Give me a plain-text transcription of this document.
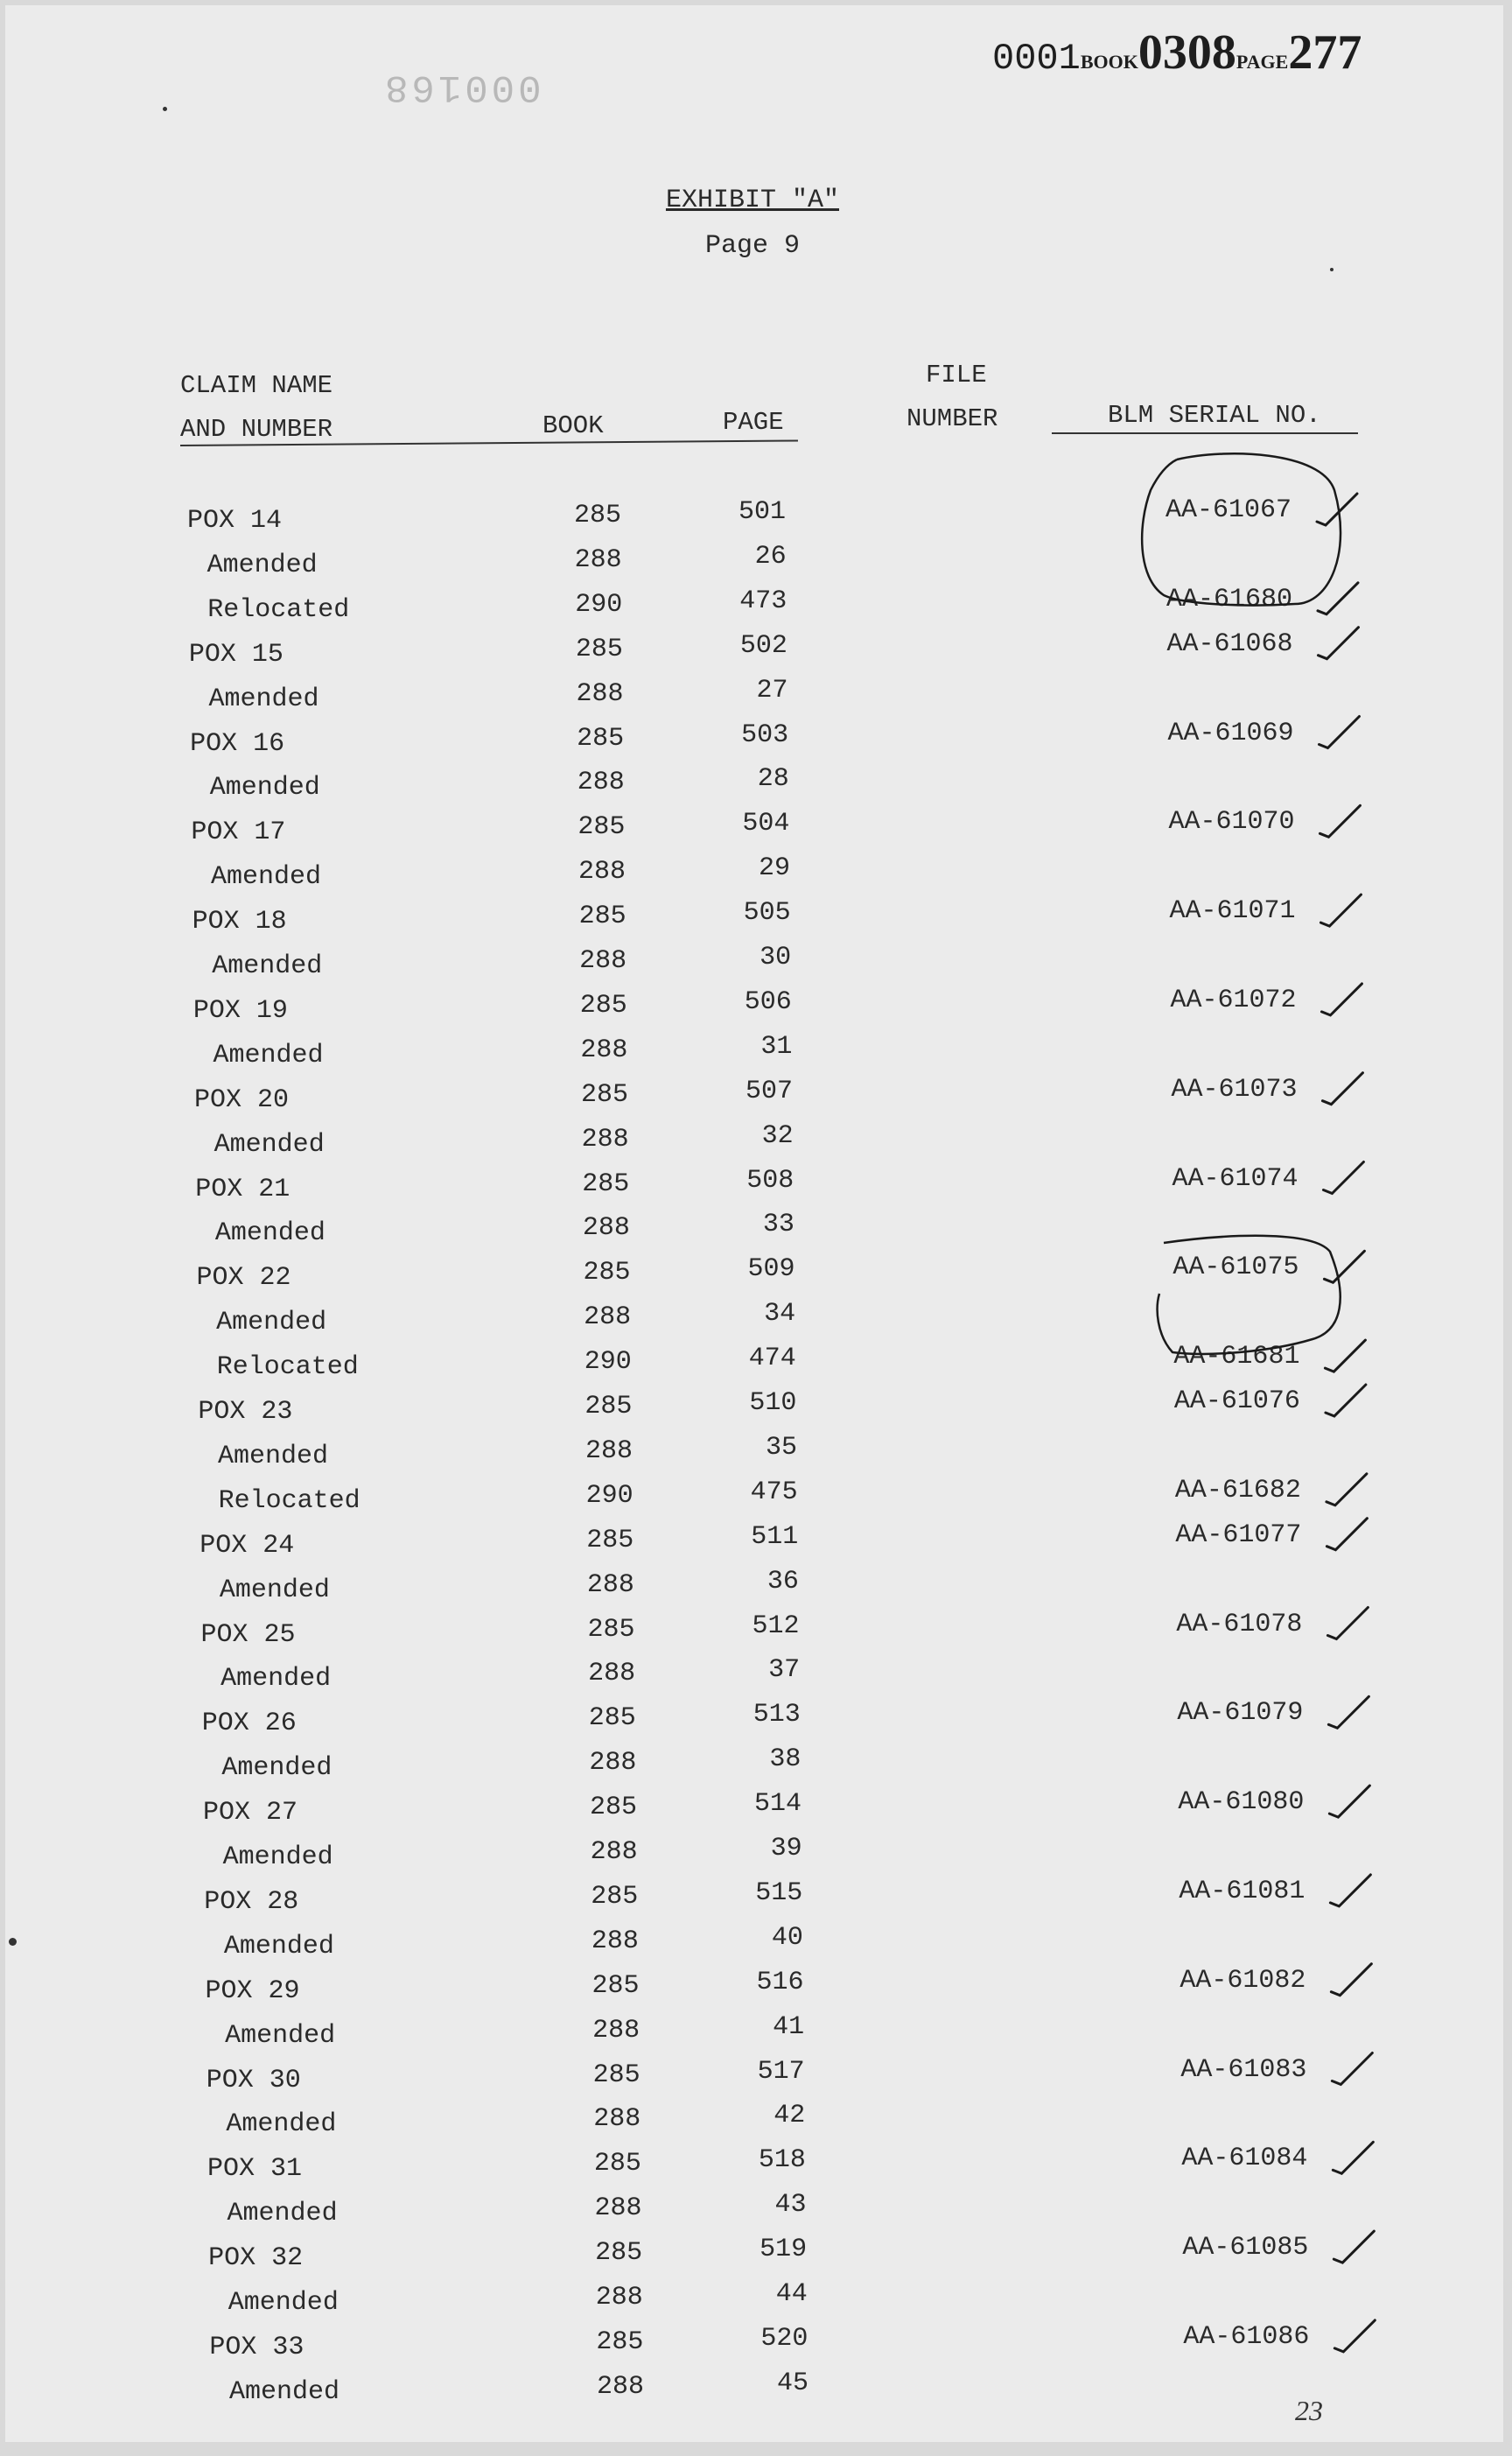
000168
0001BOOK0308PAGE277
EXHIBIT "A"
Page 9
CLAIM NAME
AND NUMBER	BOOK	PAGE
FILE
NUMBER	BLM SERIAL NO.
POX 14	285	501	AA-61067
Amended	288	26
Relocated	290	473	AA-61680
POX 15	285	502	AA-61068
Amended	288	27
POX 16	285	503	AA-61069
Amended	288	28
POX 17	285	504	AA-61070
Amended	288	29
POX 18	285	505	AA-61071
Amended	288	30
POX 19	285	506	AA-61072
Amended	288	31
POX 20	285	507	AA-61073
Amended	288	32
POX 21	285	508	AA-61074
Amended	288	33
POX 22	285	509	AA-61075
Amended	288	34
Relocated	290	474	AA-61681
POX 23	285	510	AA-61076
Amended	288	35
Relocated	290	475	AA-61682
POX 24	285	511	AA-61077
Amended	288	36
POX 25	285	512	AA-61078
Amended	288	37
POX 26	285	513	AA-61079
Amended	288	38
POX 27	285	514	AA-61080
Amended	288	39
POX 28	285	515	AA-61081
Amended	288	40
POX 29	285	516	AA-61082
Amended	288	41
POX 30	285	517	AA-61083
Amended	288	42
POX 31	285	518	AA-61084
Amended	288	43
POX 32	285	519	AA-61085
Amended	288	44
POX 33	285	520	AA-61086
Amended	288	45
23
